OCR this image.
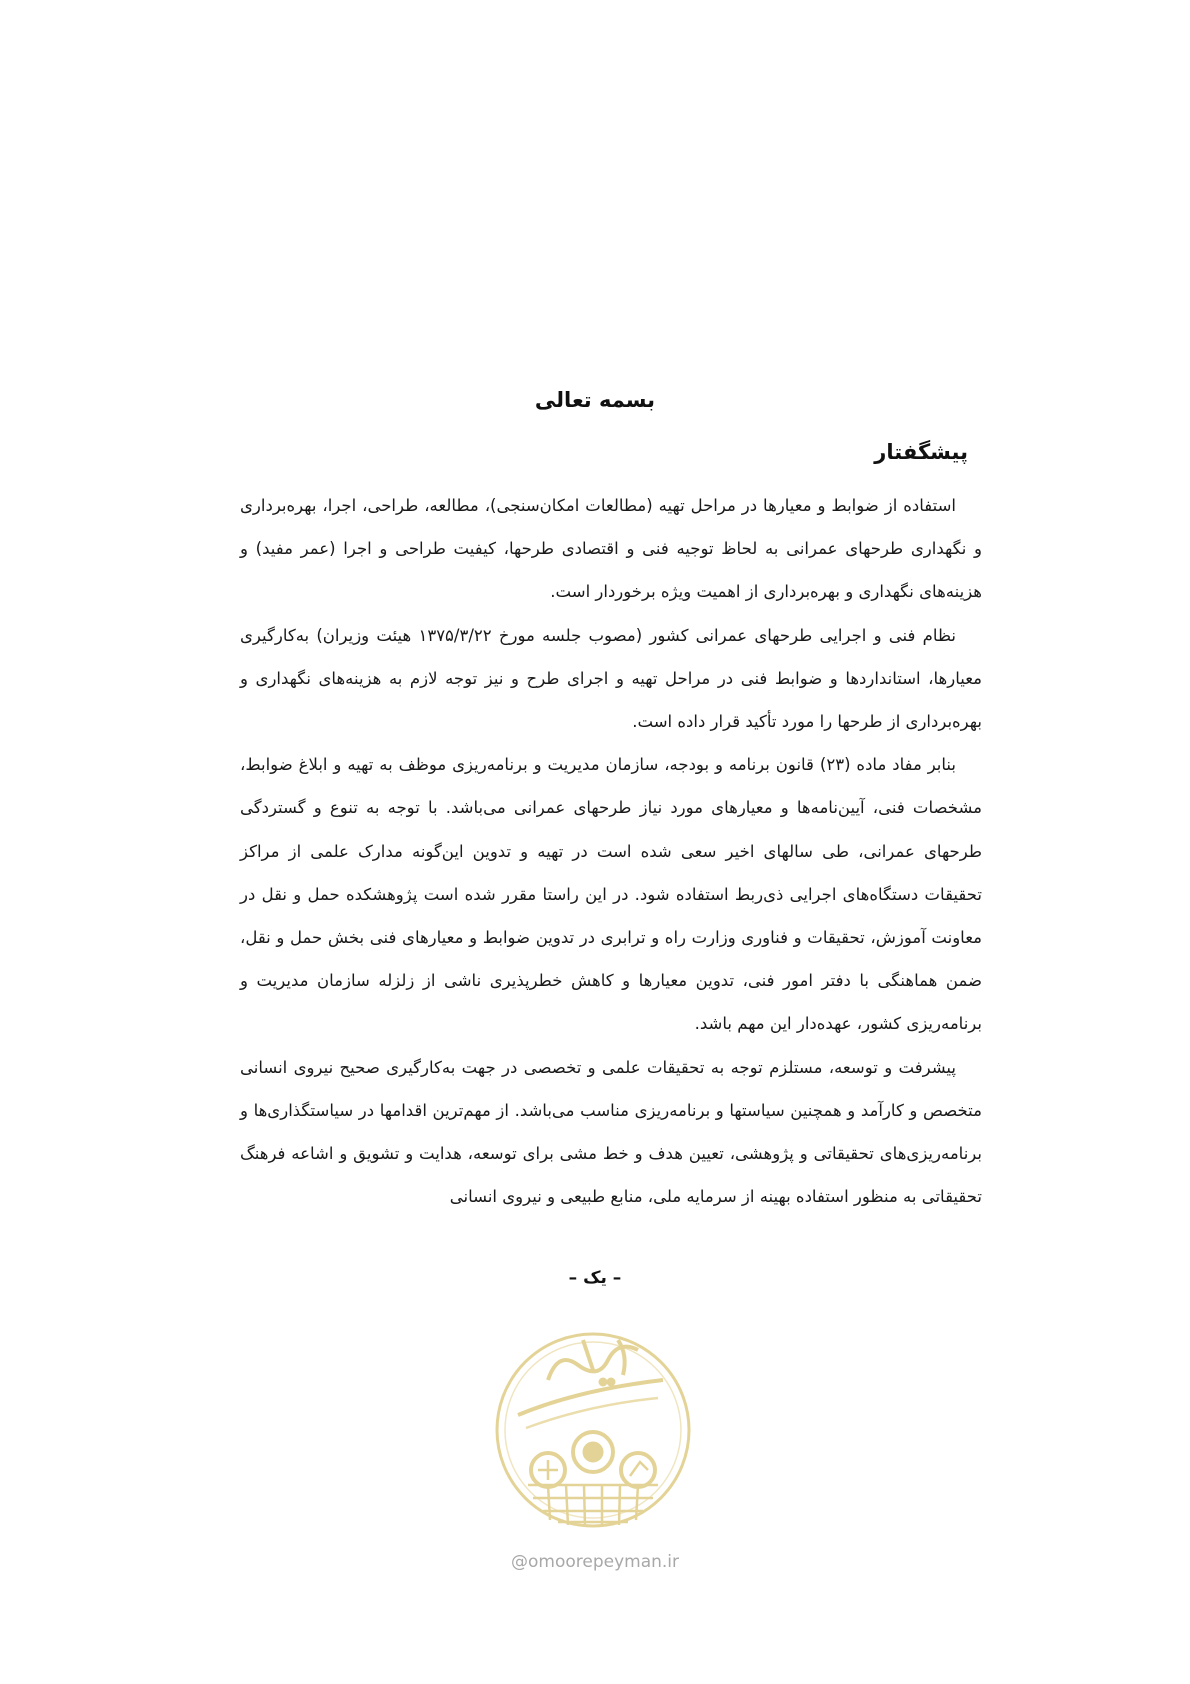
بسمه تعالی
پیشگفتار

استفاده از ضوابط و معیارها در مراحل تهیه (مطالعات امکان‌سنجی)، مطالعه، طراحی، اجرا، بهره‌برداری و نگهداری طرحهای عمرانی به لحاظ توجیه فنی و اقتصادی طرحها، کیفیت طراحی و اجرا (عمر مفید) و هزینه‌های نگهداری و بهره‌برداری از اهمیت ویژه برخوردار است.

نظام فنی و اجرایی طرحهای عمرانی کشور (مصوب جلسه مورخ ۱۳۷۵/۳/۲۲ هیئت وزیران) به‌کارگیری معیارها، استانداردها و ضوابط فنی در مراحل تهیه و اجرای طرح و نیز توجه لازم به هزینه‌های نگهداری و بهره‌برداری از طرحها را مورد تأکید قرار داده است.

بنابر مفاد ماده (۲۳) قانون برنامه و بودجه، سازمان مدیریت و برنامه‌ریزی موظف به تهیه و ابلاغ ضوابط، مشخصات فنی، آیین‌نامه‌ها و معیارهای مورد نیاز طرحهای عمرانی می‌باشد. با توجه به تنوع و گستردگی طرحهای عمرانی، طی سالهای اخیر سعی شده است در تهیه و تدوین این‌گونه مدارک علمی از مراکز تحقیقات دستگاه‌های اجرایی ذی‌ربط استفاده شود. در این راستا مقرر شده است پژوهشکده حمل و نقل در معاونت آموزش، تحقیقات و فناوری وزارت راه و ترابری در تدوین ضوابط و معیارهای فنی بخش حمل و نقل، ضمن هماهنگی با دفتر امور فنی، تدوین معیارها و کاهش خطرپذیری ناشی از زلزله سازمان مدیریت و برنامه‌ریزی کشور، عهده‌دار این مهم باشد.

پیشرفت و توسعه، مستلزم توجه به تحقیقات علمی و تخصصی در جهت به‌کارگیری صحیح نیروی انسانی متخصص و کارآمد و همچنین سیاستها و برنامه‌ریزی مناسب می‌باشد. از مهم‌ترین اقدامها در سیاستگذاری‌ها و برنامه‌ریزی‌های تحقیقاتی و پژوهشی، تعیین هدف و خط مشی برای توسعه، هدایت و تشویق و اشاعه فرهنگ تحقیقاتی به منظور استفاده بهینه از سرمایه ملی، منابع طبیعی و نیروی انسانی

– یک –
@omoorepeyman.ir
